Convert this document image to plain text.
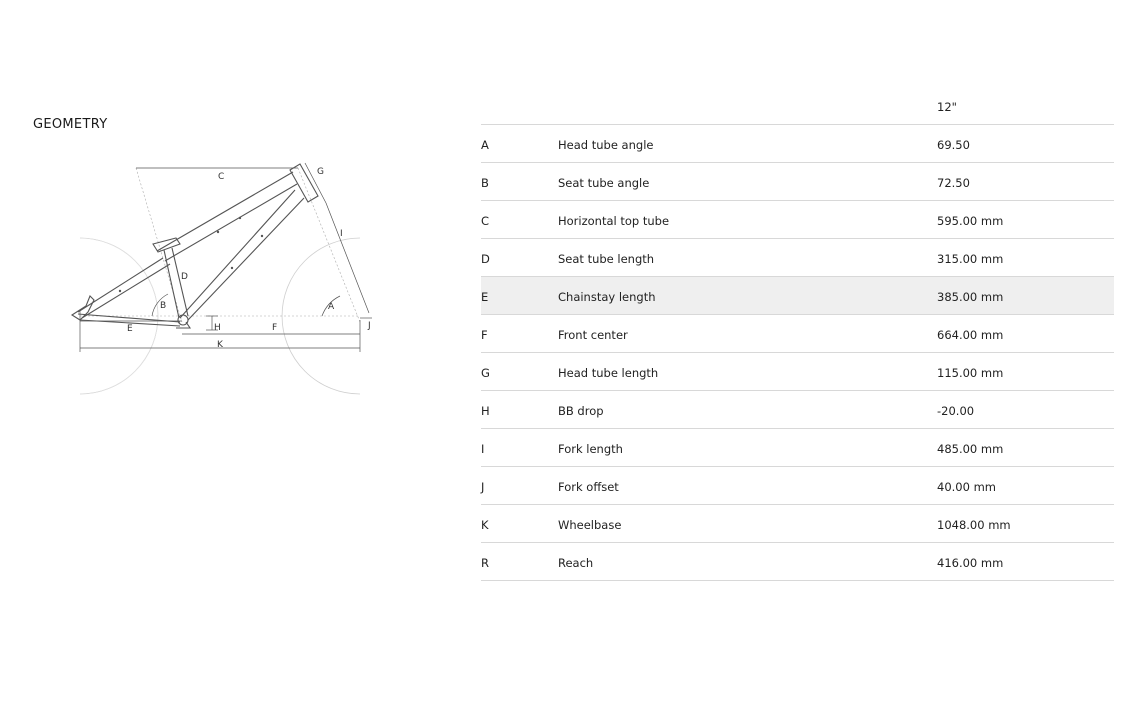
GEOMETRY
C	G
I
D
B	A
J
E	H	F
K
12"
A	Head tube angle	69.50
B	Seat tube angle	72.50
C	Horizontal top tube	595.00 mm
D	Seat tube length	315.00 mm
E	Chainstay length	385.00 mm
F	Front center	664.00 mm
G	Head tube length	115.00 mm
H	BB drop	-20.00
I	Fork length	485.00 mm
J	Fork offset	40.00 mm
K	Wheelbase	1048.00 mm
R	Reach	416.00 mm
